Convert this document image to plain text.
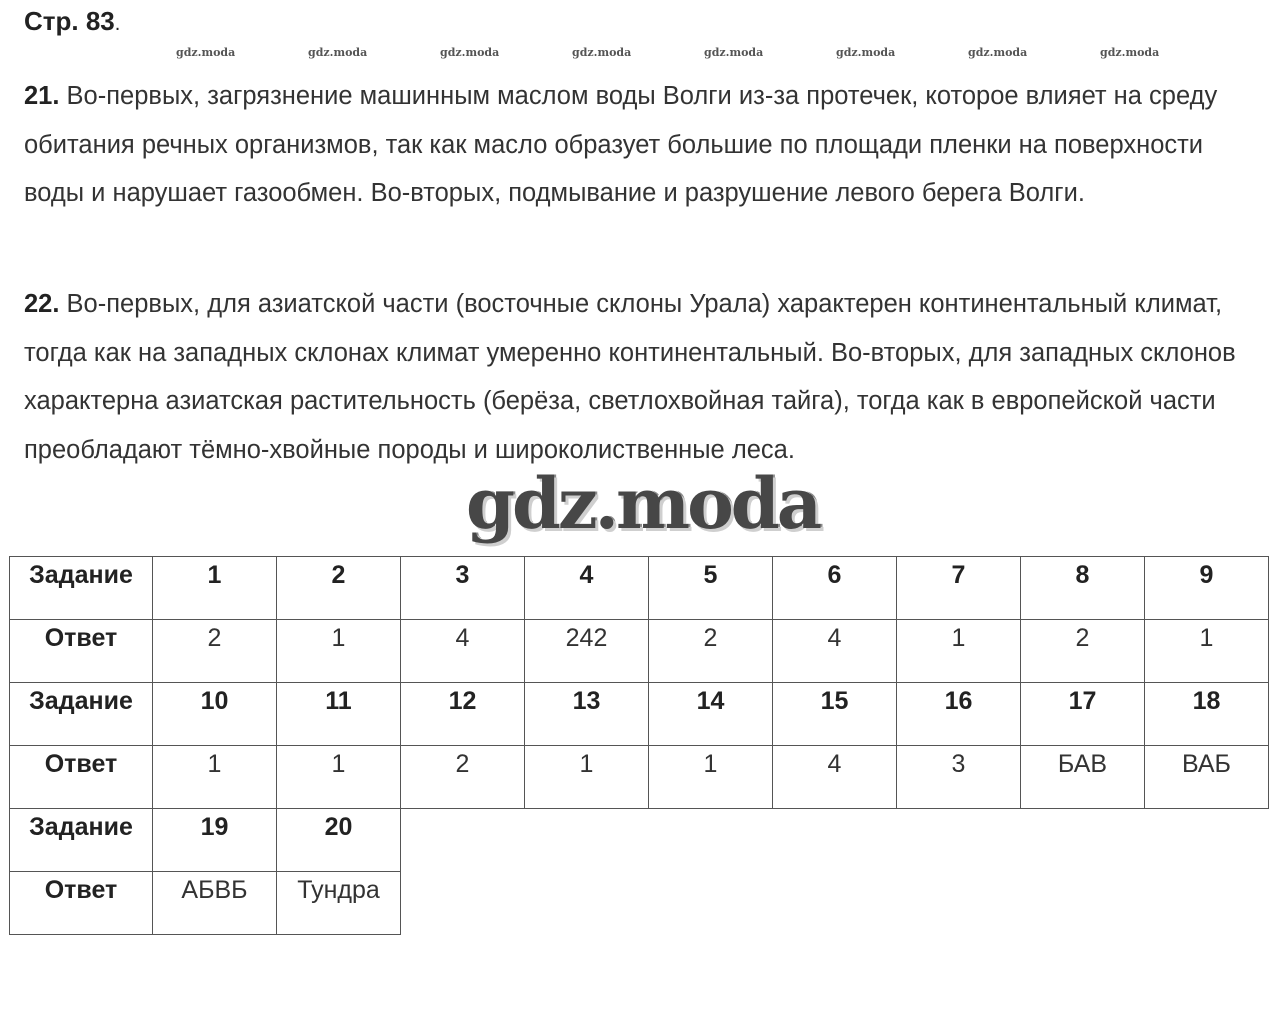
Стр. 83.
gdz.moda	gdz.moda	gdz.moda	gdz.moda	gdz.moda	gdz.moda	gdz.moda	gdz.moda
21. Во-первых, загрязнение машинным маслом воды Волги из-за протечек, которое влияет на среду обитания речных организмов, так как масло образует большие по площади пленки на поверхности воды и нарушает газообмен. Во-вторых, подмывание и разрушение левого берега Волги.
22. Во-первых, для азиатской части (восточные склоны Урала) характерен континентальный климат, тогда как на западных склонах климат умеренно континентальный. Во-вторых, для западных склонов характерна азиатская растительность (берёза, светлохвойная тайга), тогда как в европейской части преобладают тёмно-хвойные породы и широколиственные леса.
gdz.moda
Задание	1	2	3	4	5	6	7	8	9
Ответ	2	1	4	242	2	4	1	2	1
Задание	10	11	12	13	14	15	16	17	18
Ответ	1	1	2	1	1	4	3	БАВ	ВАБ
Задание	19	20							
Ответ	АБВБ	Тундра							
